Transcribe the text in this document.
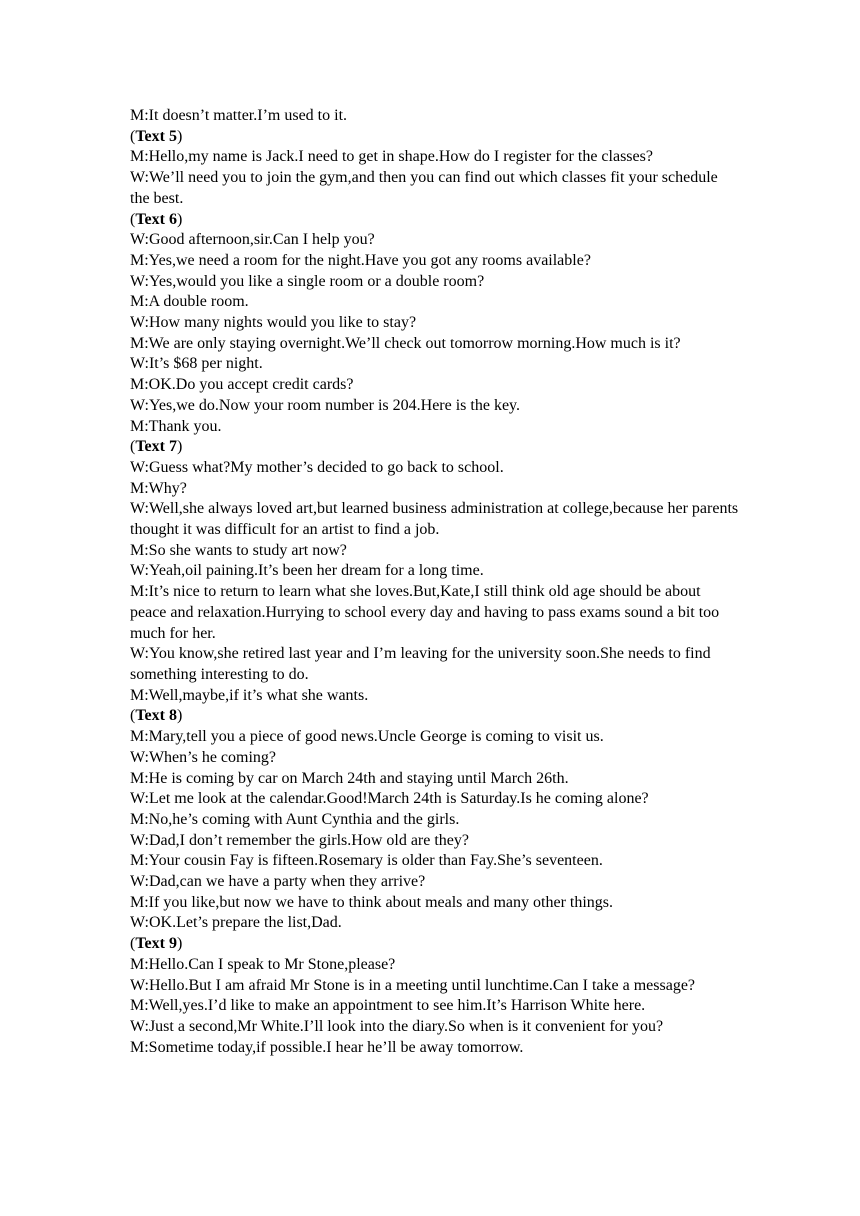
M:It doesn’t matter.I’m used to it.
(Text 5)
M:Hello,my name is Jack.I need to get in shape.How do I register for the classes?
W:We’ll need you to join the gym,and then you can find out which classes fit your schedule the best.
(Text 6)
W:Good afternoon,sir.Can I help you?
M:Yes,we need a room for the night.Have you got any rooms available?
W:Yes,would you like a single room or a double room?
M:A double room.
W:How many nights would you like to stay?
M:We are only staying overnight.We’ll check out tomorrow morning.How much is it?
W:It’s $68 per night.
M:OK.Do you accept credit cards?
W:Yes,we do.Now your room number is 204.Here is the key.
M:Thank you.
(Text 7)
W:Guess what?My mother’s decided to go back to school.
M:Why?
W:Well,she always loved art,but learned business administration at college,because her parents thought it was difficult for an artist to find a job.
M:So she wants to study art now?
W:Yeah,oil paining.It’s been her dream for a long time.
M:It’s nice to return to learn what she loves.But,Kate,I still think old age should be about peace and relaxation.Hurrying to school every day and having to pass exams sound a bit too much for her.
W:You know,she retired last year and I’m leaving for the university soon.She needs to find something interesting to do.
M:Well,maybe,if it’s what she wants.
(Text 8)
M:Mary,tell you a piece of good news.Uncle George is coming to visit us.
W:When’s he coming?
M:He is coming by car on March 24th and staying until March 26th.
W:Let me look at the calendar.Good!March 24th is Saturday.Is he coming alone?
M:No,he’s coming with Aunt Cynthia and the girls.
W:Dad,I don’t remember the girls.How old are they?
M:Your cousin Fay is fifteen.Rosemary is older than Fay.She’s seventeen.
W:Dad,can we have a party when they arrive?
M:If you like,but now we have to think about meals and many other things.
W:OK.Let’s prepare the list,Dad.
(Text 9)
M:Hello.Can I speak to Mr Stone,please?
W:Hello.But I am afraid Mr Stone is in a meeting until lunchtime.Can I take a message?
M:Well,yes.I’d like to make an appointment to see him.It’s Harrison White here.
W:Just a second,Mr White.I’ll look into the diary.So when is it convenient for you?
M:Sometime today,if possible.I hear he’ll be away tomorrow.
